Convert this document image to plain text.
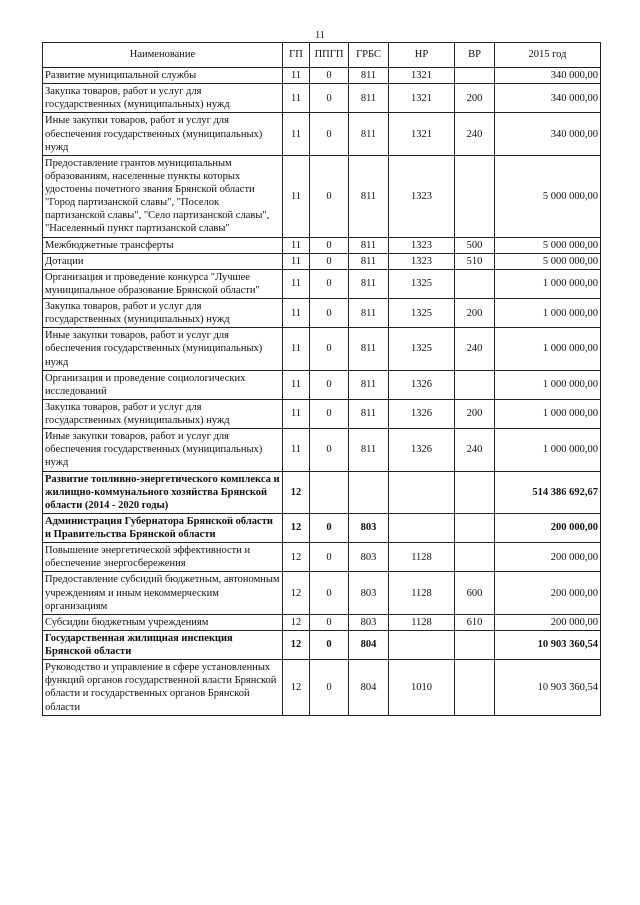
11
Наименование	ГП	ППГП	ГРБС	НР	ВР	2015 год
Развитие муниципальной службы	11	0	811	1321		340 000,00
Закупка товаров, работ и услуг для государственных (муниципальных) нужд	11	0	811	1321	200	340 000,00
Иные закупки товаров, работ и услуг для обеспечения государственных (муниципальных) нужд	11	0	811	1321	240	340 000,00
Предоставление грантов муниципальным образованиям, населенные пункты которых удостоены почетного звания Брянской области "Город партизанской славы", "Поселок партизанской славы", "Село партизанской славы", "Населенный пункт партизанской славы"	11	0	811	1323		5 000 000,00
Межбюджетные трансферты	11	0	811	1323	500	5 000 000,00
Дотации	11	0	811	1323	510	5 000 000,00
Организация и проведение конкурса "Лучшее муниципальное образование Брянской области"	11	0	811	1325		1 000 000,00
Закупка товаров, работ и услуг для государственных (муниципальных) нужд	11	0	811	1325	200	1 000 000,00
Иные закупки товаров, работ и услуг для обеспечения государственных (муниципальных) нужд	11	0	811	1325	240	1 000 000,00
Организация и проведение социологических исследований	11	0	811	1326		1 000 000,00
Закупка товаров, работ и услуг для государственных (муниципальных) нужд	11	0	811	1326	200	1 000 000,00
Иные закупки товаров, работ и услуг для обеспечения государственных (муниципальных) нужд	11	0	811	1326	240	1 000 000,00
Развитие топливно-энергетического комплекса и жилищно-коммунального хозяйства Брянской области (2014 - 2020 годы)	12					514 386 692,67
Администрация Губернатора Брянской области и Правительства Брянской области	12	0	803			200 000,00
Повышение энергетической эффективности и обеспечение энергосбережения	12	0	803	1128		200 000,00
Предоставление субсидий бюджетным, автономным учреждениям и иным некоммерческим организациям	12	0	803	1128	600	200 000,00
Субсидии бюджетным учреждениям	12	0	803	1128	610	200 000,00
Государственная жилищная инспекция Брянской области	12	0	804			10 903 360,54
Руководство и управление в сфере установленных функций органов государственной власти Брянской области и государственных органов Брянской области	12	0	804	1010		10 903 360,54
